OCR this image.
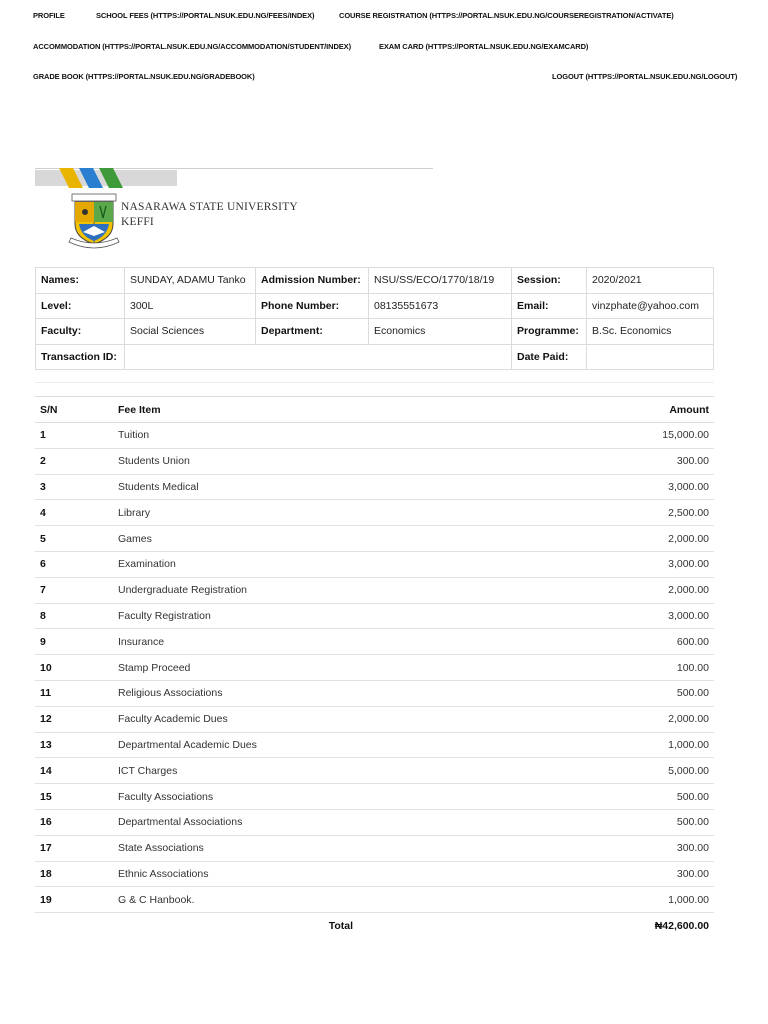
PROFILE	SCHOOL FEES (HTTPS://PORTAL.NSUK.EDU.NG/FEES/INDEX)	COURSE REGISTRATION (HTTPS://PORTAL.NSUK.EDU.NG/COURSEREGISTRATION/ACTIVATE)
ACCOMMODATION (HTTPS://PORTAL.NSUK.EDU.NG/ACCOMMODATION/STUDENT/INDEX)	EXAM CARD (HTTPS://PORTAL.NSUK.EDU.NG/EXAMCARD)
GRADE BOOK (HTTPS://PORTAL.NSUK.EDU.NG/GRADEBOOK)	LOGOUT (HTTPS://PORTAL.NSUK.EDU.NG/LOGOUT)
NASARAWA STATE UNIVERSITY
KEFFI
Names:	SUNDAY, ADAMU Tanko	Admission Number:	NSU/SS/ECO/1770/18/19	Session:	2020/2021
Level:	300L	Phone Number:	08135551673	Email:	vinzphate@yahoo.com
Faculty:	Social Sciences	Department:	Economics	Programme:	B.Sc. Economics
Transaction ID:				Date Paid:	
S/N	Fee Item	Amount
1	Tuition	15,000.00
2	Students Union	300.00
3	Students Medical	3,000.00
4	Library	2,500.00
5	Games	2,000.00
6	Examination	3,000.00
7	Undergraduate Registration	2,000.00
8	Faculty Registration	3,000.00
9	Insurance	600.00
10	Stamp Proceed	100.00
11	Religious Associations	500.00
12	Faculty Academic Dues	2,000.00
13	Departmental Academic Dues	1,000.00
14	ICT Charges	5,000.00
15	Faculty Associations	500.00
16	Departmental Associations	500.00
17	State Associations	300.00
18	Ethnic Associations	300.00
19	G & C Hanbook.	1,000.00
	Total	₦42,600.00
